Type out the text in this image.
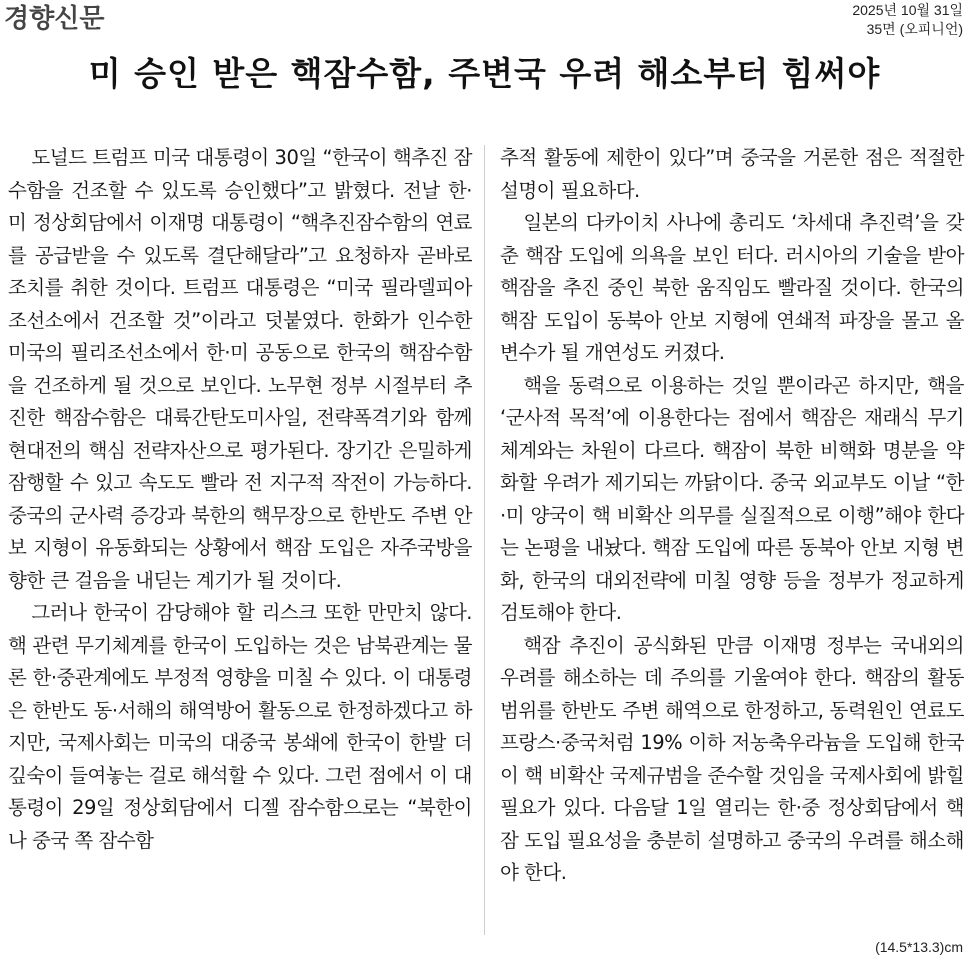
경향신문	2025년 10월 31일
35면 (오피니언)
미 승인 받은 핵잠수함, 주변국 우려 해소부터 힘써야

도널드 트럼프 미국 대통령이 30일 “한국이 핵추진 잠수함을 건조할 수 있도록 승인했다”고 밝혔다. 전날 한·미 정상회담에서 이재명 대통령이 “핵추진잠수함의 연료를 공급받을 수 있도록 결단해달라”고 요청하자 곧바로 조치를 취한 것이다. 트럼프 대통령은 “미국 필라델피아 조선소에서 건조할 것”이라고 덧붙였다. 한화가 인수한 미국의 필리조선소에서 한·미 공동으로 한국의 핵잠수함을 건조하게 될 것으로 보인다. 노무현 정부 시절부터 추진한 핵잠수함은 대륙간탄도미사일, 전략폭격기와 함께 현대전의 핵심 전략자산으로 평가된다. 장기간 은밀하게 잠행할 수 있고 속도도 빨라 전 지구적 작전이 가능하다. 중국의 군사력 증강과 북한의 핵무장으로 한반도 주변 안보 지형이 유동화되는 상황에서 핵잠 도입은 자주국방을 향한 큰 걸음을 내딛는 계기가 될 것이다.

그러나 한국이 감당해야 할 리스크 또한 만만치 않다. 핵 관련 무기체계를 한국이 도입하는 것은 남북관계는 물론 한·중관계에도 부정적 영향을 미칠 수 있다. 이 대통령은 한반도 동·서해의 해역방어 활동으로 한정하겠다고 하지만, 국제사회는 미국의 대중국 봉쇄에 한국이 한발 더 깊숙이 들여놓는 걸로 해석할 수 있다. 그런 점에서 이 대통령이 29일 정상회담에서 디젤 잠수함으로는 “북한이나 중국 쪽 잠수함

추적 활동에 제한이 있다”며 중국을 거론한 점은 적절한 설명이 필요하다.

일본의 다카이치 사나에 총리도 ‘차세대 추진력’을 갖춘 핵잠 도입에 의욕을 보인 터다. 러시아의 기술을 받아 핵잠을 추진 중인 북한 움직임도 빨라질 것이다. 한국의 핵잠 도입이 동북아 안보 지형에 연쇄적 파장을 몰고 올 변수가 될 개연성도 커졌다.

핵을 동력으로 이용하는 것일 뿐이라곤 하지만, 핵을 ‘군사적 목적’에 이용한다는 점에서 핵잠은 재래식 무기체계와는 차원이 다르다. 핵잠이 북한 비핵화 명분을 약화할 우려가 제기되는 까닭이다. 중국 외교부도 이날 “한·미 양국이 핵 비확산 의무를 실질적으로 이행”해야 한다는 논평을 내놨다. 핵잠 도입에 따른 동북아 안보 지형 변화, 한국의 대외전략에 미칠 영향 등을 정부가 정교하게 검토해야 한다.

핵잠 추진이 공식화된 만큼 이재명 정부는 국내외의 우려를 해소하는 데 주의를 기울여야 한다. 핵잠의 활동 범위를 한반도 주변 해역으로 한정하고, 동력원인 연료도 프랑스·중국처럼 19% 이하 저농축우라늄을 도입해 한국이 핵 비확산 국제규범을 준수할 것임을 국제사회에 밝힐 필요가 있다. 다음달 1일 열리는 한·중 정상회담에서 핵잠 도입 필요성을 충분히 설명하고 중국의 우려를 해소해야 한다.

(14.5*13.3)cm
